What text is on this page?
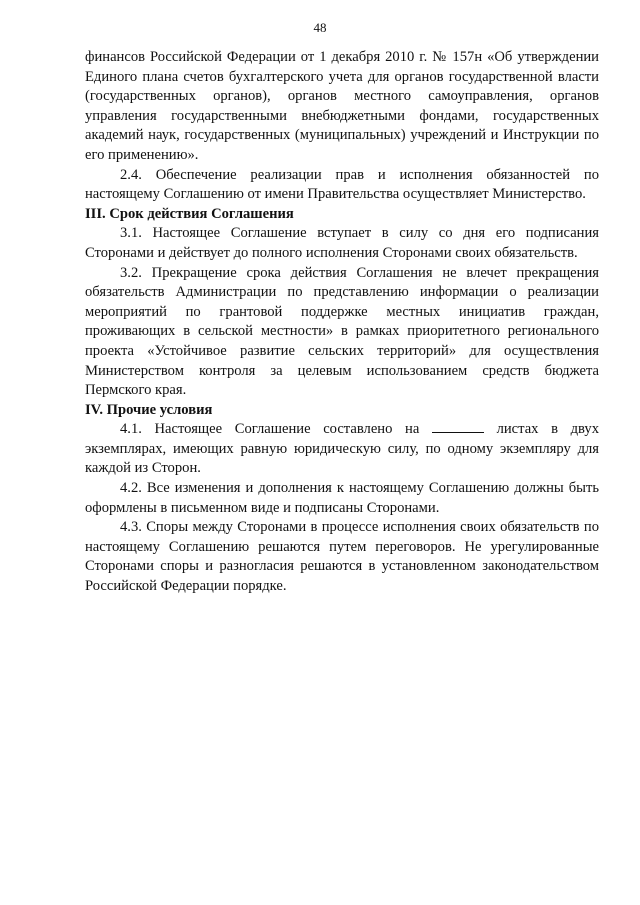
48

финансов Российской Федерации от 1 декабря 2010 г. № 157н «Об утверждении Единого плана счетов бухгалтерского учета для органов государственной власти (государственных органов), органов местного самоуправления, органов управления государственными внебюджетными фондами, государственных академий наук, государственных (муниципальных) учреждений и Инструкции по его применению».

2.4. Обеспечение реализации прав и исполнения обязанностей по настоящему Соглашению от имени Правительства осуществляет Министерство.

III. Срок действия Соглашения

3.1. Настоящее Соглашение вступает в силу со дня его подписания Сторонами и действует до полного исполнения Сторонами своих обязательств.

3.2. Прекращение срока действия Соглашения не влечет прекращения обязательств Администрации по представлению информации о реализации мероприятий по грантовой поддержке местных инициатив граждан, проживающих в сельской местности» в рамках приоритетного регионального проекта «Устойчивое развитие сельских территорий» для осуществления Министерством контроля за целевым использованием средств бюджета Пермского края.

IV. Прочие условия

4.1. Настоящее Соглашение составлено на	листах в двух экземплярах, имеющих равную юридическую силу, по одному экземпляру для каждой из Сторон.

4.2. Все изменения и дополнения к настоящему Соглашению должны быть оформлены в письменном виде и подписаны Сторонами.

4.3. Споры между Сторонами в процессе исполнения своих обязательств по настоящему Соглашению решаются путем переговоров. Не урегулированные Сторонами споры и разногласия решаются в установленном законодательством Российской Федерации порядке.
